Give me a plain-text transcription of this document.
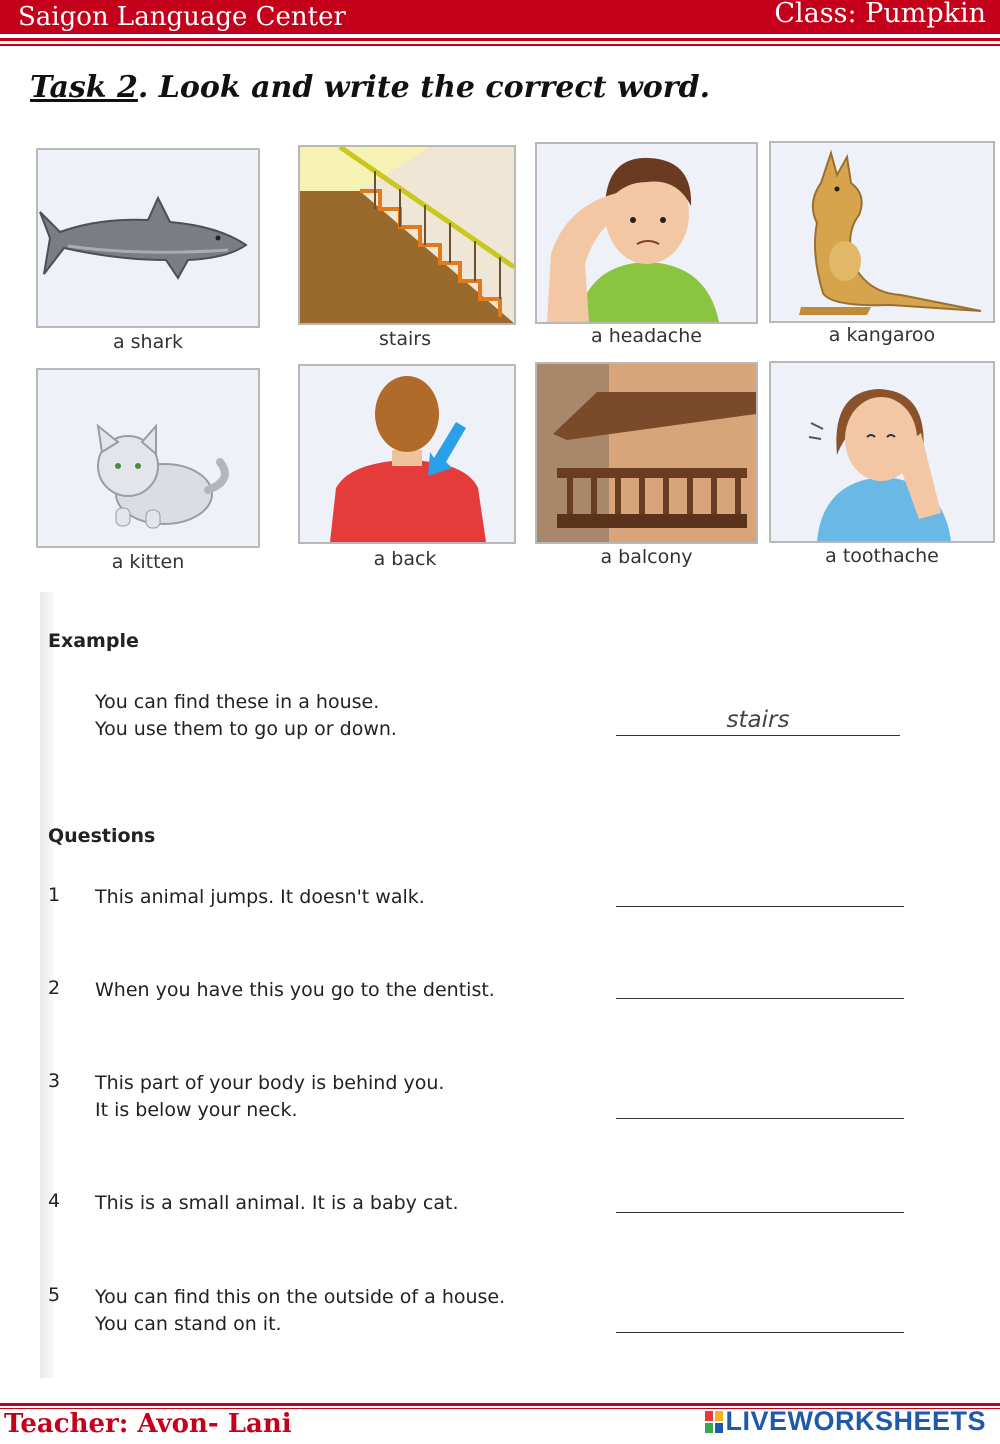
Saigon Language Center	Class: Pumpkin
Task 2. Look and write the correct word.
a shark	stairs	a headache	a kangaroo
a kitten	a back	a balcony	a toothache
Example
You can find these in a house.
You use them to go up or down.	stairs
Questions
1 This animal jumps. It doesn't walk.
2 When you have this you go to the dentist.
3 This part of your body is behind you.
It is below your neck.
4 This is a small animal. It is a baby cat.
5 You can find this on the outside of a house.
You can stand on it.
Teacher: Avon- Lani	LIVEWORKSHEETS
